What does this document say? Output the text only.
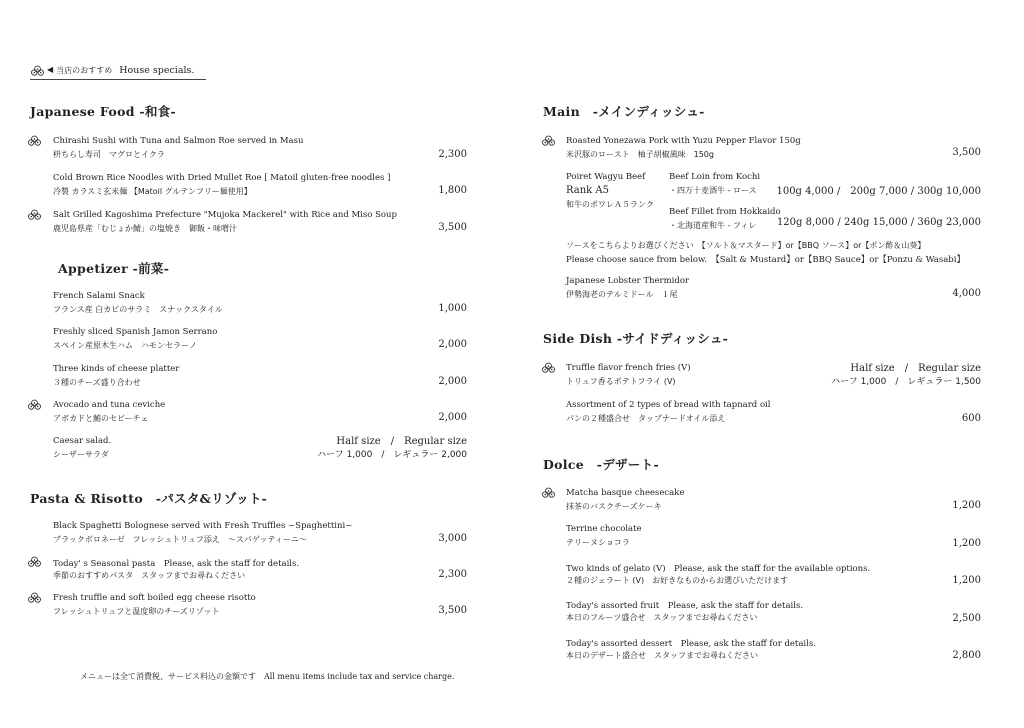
◀ 当店のおすすめ House specials.
Japanese Food -和食-
Chirashi Sushi with Tuna and Salmon Roe served in Masu
枡ちらし寿司　マグロとイクラ	2,300
Cold Brown Rice Noodles with Dried Mullet Roe [ Matoil gluten-free noodles ]
冷製 カラスミ玄米麺 【Matoil グルテンフリー麺使用】	1,800
Salt Grilled Kagoshima Prefecture "Mujoka Mackerel" with Rice and Miso Soup
鹿児島県産「むじょか鯖」の塩焼き　御飯・味噌汁	3,500
Appetizer -前菜-
French Salami Snack
フランス産 白カビのサラミ　スナックスタイル	1,000
Freshly sliced Spanish Jamon Serrano
スペイン産原木生ハム　ハモンセラーノ	2,000
Three kinds of cheese platter
３種のチーズ盛り合わせ	2,000
Avocado and tuna ceviche
アボカドと鮪のセビーチェ	2,000
Caesar salad.
シーザーサラダ
Half size　/　Regular size
ハーフ 1,000　/　レギュラー 2,000
Pasta & Risotto　-パスタ&リゾット-
Black Spaghetti Bolognese served with Fresh Truffles ~Spaghettini~
ブラックボロネーゼ　フレッシュトリュフ添え　～スパゲッティーニ～	3,000
Today' s Seasonal pasta　Please, ask the staff for details.
季節のおすすめパスタ　スタッフまでお尋ねください	2,300
Fresh truffle and soft boiled egg cheese risotto
フレッシュトリュフと温度卵のチーズリゾット	3,500
メニューは全て消費税、サービス料込の金額です　All menu items include tax and service charge.
Main　-メインディッシュ-
Roasted Yonezawa Pork with Yuzu Pepper Flavor 150g
米沢豚のロースト　柚子胡椒風味　150g	3,500
Poiret Wagyu Beef
Rank A5
和牛のポワレＡ５ランク
Beef Loin from Kochi
・四万十麦酒牛 - ロース 100g 4,000 /　200g 7,000 / 300g 10,000
Beef Fillet from Hokkaido
・北海道産和牛 - フィレ 120g 8,000 / 240g 15,000 / 360g 23,000
ソースをこちらよりお選びください　【ソルト＆マスタード】or【BBQ ソース】or【ポン酢＆山葵】
Please choose sauce from below.　【Salt & Mustard】or【BBQ Sauce】or【Ponzu & Wasabi】
Japanese Lobster Thermidor
伊勢海老のテルミドール　１尾	4,000
Side Dish -サイドディッシュ-
Truffle flavor french fries (V)
トリュフ香るポテトフライ (V)
Half size　/　Regular size
ハーフ 1,000　/　レギュラー 1,500
Assortment of 2 types of bread with tapnard oil
パンの２種盛合せ　タップナードオイル添え	600
Dolce　-デザート-
Matcha basque cheesecake
抹茶のバスクチーズケーキ	1,200
Terrine chocolate
テリーヌショコラ	1,200
Two kinds of gelato (V)　Please, ask the staff for the available options.
２種のジェラート (V)　お好きなものからお選びいただけます	1,200
Today's assorted fruit　Please, ask the staff for details.
本日のフルーツ盛合せ　スタッフまでお尋ねください	2,500
Today's assorted dessert　Please, ask the staff for details.
本日のデザート盛合せ　スタッフまでお尋ねください	2,800
